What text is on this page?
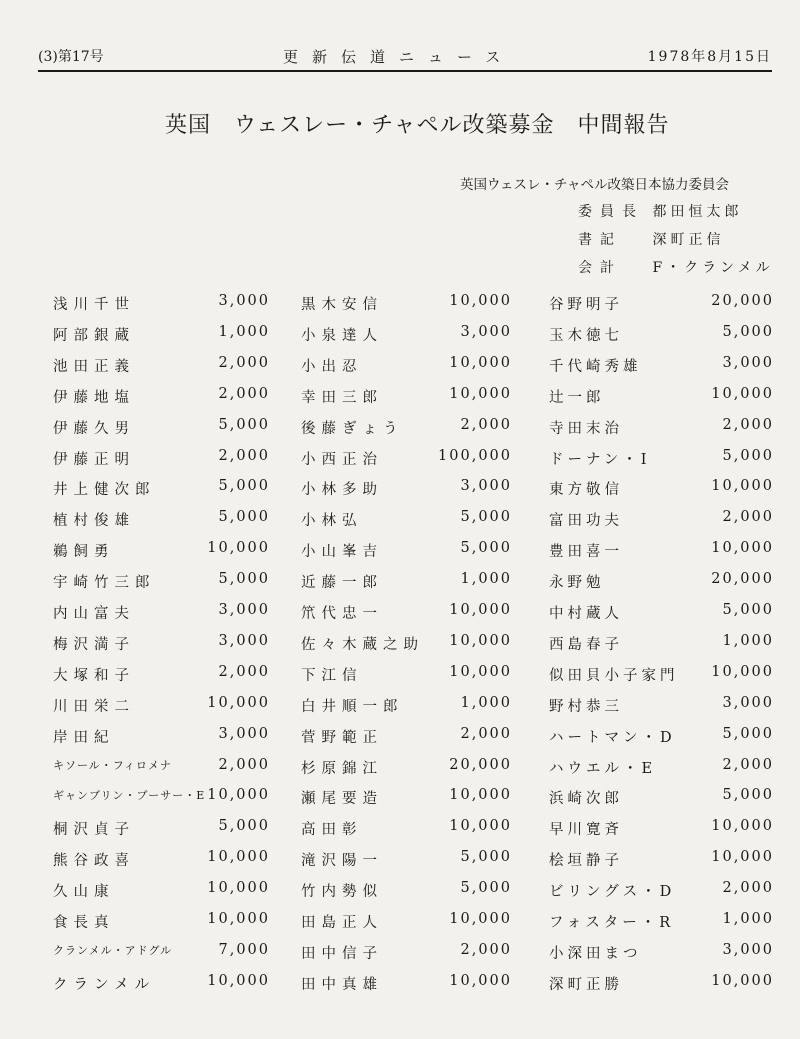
(3)第17号	更新伝道ニュース	1978年8月15日
英国　ウェスレー・チャペル改築募金　中間報告
英国ウェスレ・チャペル改築日本協力委員会
委員長 都田恒太郎
書記 深町正信
会計 F・クランメル
浅川千世	3,000 黒木安信	10,000	谷野明子	20,000
阿部銀蔵	1,000 小泉達人	3,000	玉木徳七	5,000
池田正義	2,000 小出忍	10,000	千代崎秀雄	3,000
伊藤地塩	2,000 幸田三郎	10,000	辻一郎	10,000
伊藤久男	5,000 後藤ぎょう	2,000	寺田末治	2,000
伊藤正明	2,000 小西正治	100,000	ドーナン・I	5,000
井上健次郎	5,000 小林多助	3,000	東方敬信	10,000
植村俊雄	5,000 小林弘	5,000	富田功夫	2,000
鵜飼勇	10,000 小山峯吉	5,000	豊田喜一	10,000
宇崎竹三郎	5,000 近藤一郎	1,000	永野勉	20,000
内山富夫	3,000 笊代忠一	10,000	中村蔵人	5,000
梅沢満子	3,000 佐々木蔵之助	10,000	西島春子	1,000
大塚和子	2,000 下江信	10,000	似田貝小子家門	10,000
川田栄二	10,000 白井順一郎	1,000	野村恭三	3,000
岸田紀	3,000 菅野範正	2,000	ハートマン・D	5,000
キソール・フィロメナ	2,000 杉原錦江	20,000	ハウエル・E	2,000
ギャンブリン・ブーサー・E 10,000 瀬尾要造	10,000	浜崎次郎	5,000
桐沢貞子	5,000 高田彰	10,000	早川寛斉	10,000
熊谷政喜	10,000 滝沢陽一	5,000	桧垣静子	10,000
久山康	10,000 竹内勢似	5,000	ビリングス・D	2,000
食長真	10,000 田島正人	10,000	フォスター・R	1,000
クランメル・アドグル	7,000 田中信子	2,000	小深田まつ	3,000
クランメル	10,000 田中真雄	10,000	深町正勝	10,000
